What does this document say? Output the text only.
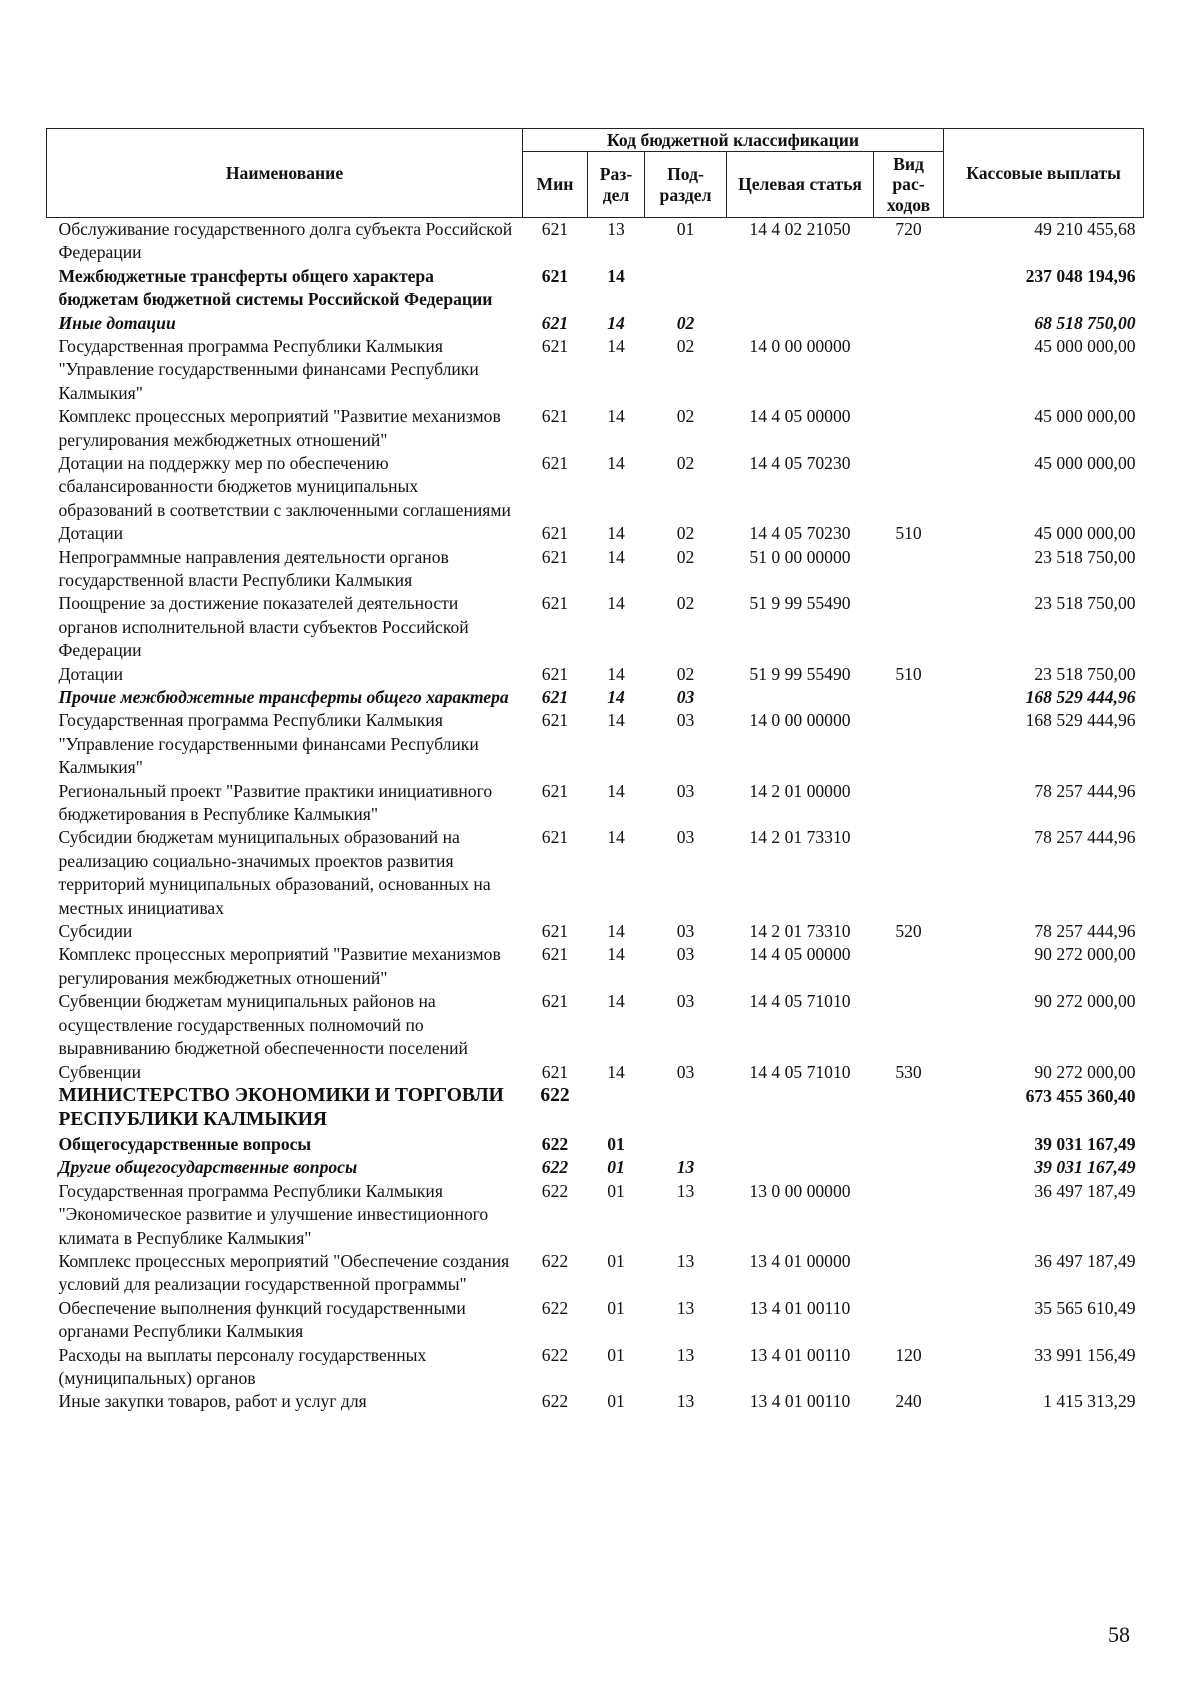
Наименование	Код бюджетной классификации					Кассовые выплаты
	Мин	Раз-дел	Под-раздел	Целевая статья	Вид рас-ходов	
Обслуживание государственного долга субъекта Российской Федерации	621	13	01	14 4 02 21050	720	49 210 455,68
Межбюджетные трансферты общего характера бюджетам бюджетной системы Российской Федерации	621	14				237 048 194,96
Иные дотации	621	14	02			68 518 750,00
Государственная программа Республики Калмыкия "Управление государственными финансами Республики Калмыкия"	621	14	02	14 0 00 00000		45 000 000,00
Комплекс процессных мероприятий "Развитие механизмов регулирования межбюджетных отношений"	621	14	02	14 4 05 00000		45 000 000,00
Дотации на поддержку мер по обеспечению сбалансированности бюджетов муниципальных образований в соответствии с заключенными соглашениями	621	14	02	14 4 05 70230		45 000 000,00
Дотации	621	14	02	14 4 05 70230	510	45 000 000,00
Непрограммные направления деятельности органов государственной власти Республики Калмыкия	621	14	02	51 0 00 00000		23 518 750,00
Поощрение за достижение показателей деятельности органов исполнительной власти субъектов Российской Федерации	621	14	02	51 9 99 55490		23 518 750,00
Дотации	621	14	02	51 9 99 55490	510	23 518 750,00
Прочие межбюджетные трансферты общего характера	621	14	03			168 529 444,96
Государственная программа Республики Калмыкия "Управление государственными финансами Республики Калмыкия"	621	14	03	14 0 00 00000		168 529 444,96
Региональный проект "Развитие практики инициативного бюджетирования в Республике Калмыкия"	621	14	03	14 2 01 00000		78 257 444,96
Субсидии бюджетам муниципальных образований на реализацию социально-значимых проектов развития территорий муниципальных образований, основанных на местных инициативах	621	14	03	14 2 01 73310		78 257 444,96
Субсидии	621	14	03	14 2 01 73310	520	78 257 444,96
Комплекс процессных мероприятий "Развитие механизмов регулирования межбюджетных отношений"	621	14	03	14 4 05 00000		90 272 000,00
Субвенции бюджетам муниципальных районов на осуществление государственных полномочий по выравниванию бюджетной обеспеченности поселений	621	14	03	14 4 05 71010		90 272 000,00
Субвенции	621	14	03	14 4 05 71010	530	90 272 000,00
МИНИСТЕРСТВО ЭКОНОМИКИ И ТОРГОВЛИ РЕСПУБЛИКИ КАЛМЫКИЯ	622					673 455 360,40
Общегосударственные вопросы	622	01				39 031 167,49
Другие общегосударственные вопросы	622	01	13			39 031 167,49
Государственная программа Республики Калмыкия "Экономическое развитие и улучшение инвестиционного климата в Республике Калмыкия"	622	01	13	13 0 00 00000		36 497 187,49
Комплекс процессных мероприятий "Обеспечение создания условий для реализации государственной программы"	622	01	13	13 4 01 00000		36 497 187,49
Обеспечение выполнения функций государственными органами Республики Калмыкия	622	01	13	13 4 01 00110		35 565 610,49
Расходы на выплаты персоналу государственных (муниципальных) органов	622	01	13	13 4 01 00110	120	33 991 156,49
Иные закупки товаров, работ и услуг для	622	01	13	13 4 01 00110	240	1 415 313,29
58
